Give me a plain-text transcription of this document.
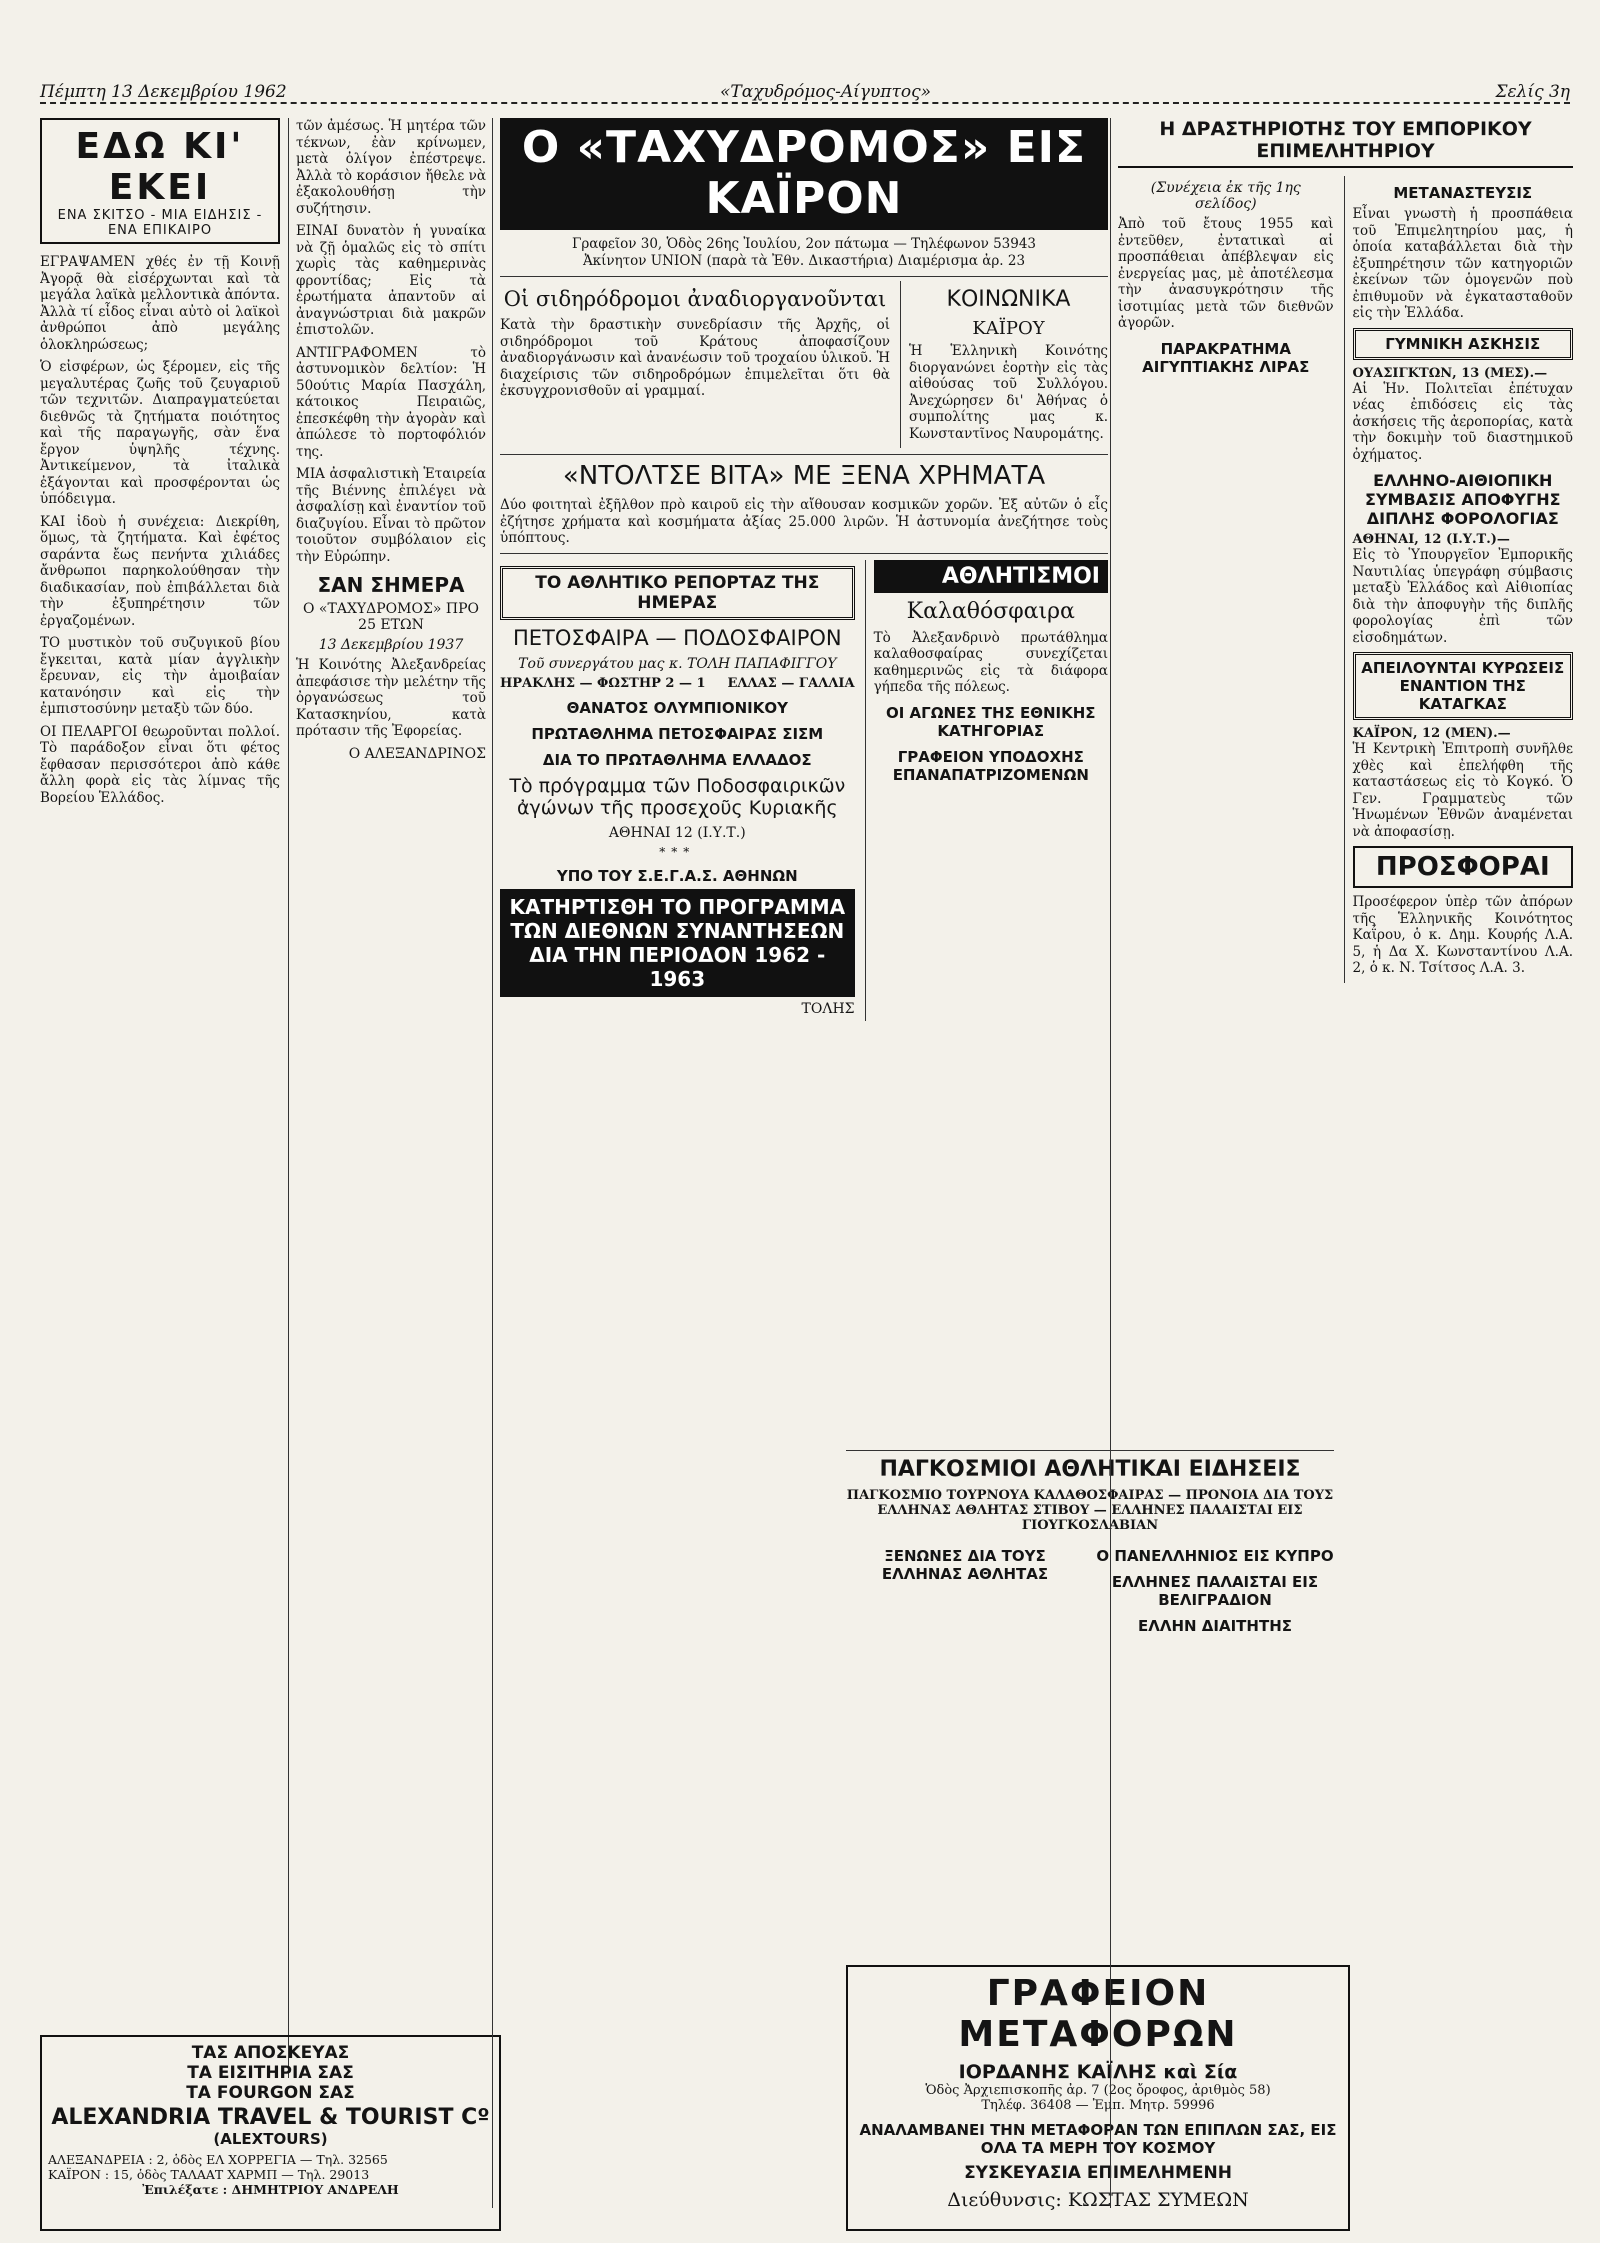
Πέμπτη 13 Δεκεμβρίου 1962	«Ταχυδρόμος-Αίγυπτος»	Σελίς 3η
ΕΔΩ ΚΙ' ΕΚΕΙ
ΕΝΑ ΣΚΙΤΣΟ - ΜΙΑ ΕΙΔΗΣΙΣ - ΕΝΑ ΕΠΙΚΑΙΡΟ

ΕΓΡΑΨΑΜΕΝ χθές ἐν τῇ Κοινῇ Ἀγορᾷ θὰ εἰσέρχωνται καὶ τὰ μεγάλα λαϊκὰ μελλοντικὰ ἀπόντα. Ἀλλὰ τί εἶδος εἶναι αὐτὸ οἱ λαϊκοὶ ἀνθρώποι ἀπὸ μεγάλης ὁλοκληρώσεως;

Ὁ εἰσφέρων, ὡς ξέρομεν, εἰς τῆς μεγαλυτέρας ζωῆς τοῦ ζευγαριοῦ τῶν τεχνιτῶν. Διαπραγματεύεται διεθνῶς τὰ ζητήματα ποιότητος καὶ τῆς παραγωγῆς, σὰν ἕνα ἔργον ὑψηλῆς τέχνης. Ἀντικείμενον, τὰ ἰταλικὰ ἐξάγονται καὶ προσφέρονται ὡς ὑπόδειγμα.

ΚΑΙ ἰδοὺ ἡ συνέχεια: Διεκρίθη, ὅμως, τὰ ζητήματα. Καὶ ἐφέτος σαράντα ἔως πενήντα χιλιάδες ἄνθρωποι παρηκολούθησαν τὴν διαδικασίαν, ποὺ ἐπιβάλλεται διὰ τὴν ἐξυπηρέτησιν τῶν ἐργαζομένων.

ΤΟ μυστικὸν τοῦ συζυγικοῦ βίου ἔγκειται, κατὰ μίαν ἀγγλικὴν ἔρευναν, εἰς τὴν ἀμοιβαίαν κατανόησιν καὶ εἰς τὴν ἐμπιστοσύνην μεταξὺ τῶν δύο.

ΟΙ ΠΕΛΑΡΓΟΙ θεωροῦνται πολλοί. Τὸ παράδοξον εἶναι ὅτι φέτος ἔφθασαν περισσότεροι ἀπὸ κάθε ἄλλη φορὰ εἰς τὰς λίμνας τῆς Βορείου Ἑλλάδος.

τῶν ἀμέσως. Ἡ μητέρα τῶν τέκνων, ἐὰν κρίνωμεν, μετὰ ὀλίγον ἐπέστρεψε. Ἀλλὰ τὸ κοράσιον ἤθελε νὰ ἐξακολουθήσῃ τὴν συζήτησιν.

ΕΙΝΑΙ δυνατὸν ἡ γυναίκα νὰ ζῇ ὁμαλῶς εἰς τὸ σπίτι χωρὶς τὰς καθημερινὰς φροντίδας; Εἰς τὰ ἐρωτήματα ἀπαντοῦν αἱ ἀναγνώστριαι διὰ μακρῶν ἐπιστολῶν.

ΑΝΤΙΓΡΑΦΟΜΕΝ τὸ ἀστυνομικὸν δελτίον: Ἡ 50ούτις Μαρία Πασχάλη, κάτοικος Πειραιῶς, ἐπεσκέφθη τὴν ἀγορὰν καὶ ἀπώλεσε τὸ πορτοφόλιόν της.

ΜΙΑ ἀσφαλιστικὴ Ἑταιρεία τῆς Βιέννης ἐπιλέγει νὰ ἀσφαλίσῃ καὶ ἐναντίον τοῦ διαζυγίου. Εἶναι τὸ πρῶτον τοιοῦτον συμβόλαιον εἰς τὴν Εὐρώπην.

ΣΑΝ ΣΗΜΕΡΑ
Ο «ΤΑΧΥΔΡΟΜΟΣ» ΠΡΟ 25 ΕΤΩΝ
13 Δεκεμβρίου 1937

Ἡ Κοινότης Ἀλεξανδρείας ἀπεφάσισε τὴν μελέτην τῆς ὀργανώσεως τοῦ Κατασκηνίου, κατὰ πρότασιν τῆς Ἐφορείας.

Ο ΑΛΕΞΑΝΔΡΙΝΟΣ
ΤΑΣ ΑΠΟΣΚΕΥΑΣ
ΤΑ ΕΙΣΙΤΗΡΙΑ ΣΑΣ
ΤΑ FOURGON ΣΑΣ
ALEXANDRIA TRAVEL & TOURIST Cº
(ALEXTOURS)
ΑΛΕΞΑΝΔΡΕΙΑ : 2, ὁδὸς ΕΛ ΧΟΡΡΕΓΙΑ — Τηλ. 32565
ΚΑΪΡΟΝ : 15, ὁδὸς ΤΑΛΑΑΤ ΧΑΡΜΠ — Τηλ. 29013
Ἐπιλέξατε : ΔΗΜΗΤΡΙΟΥ ΑΝΔΡΕΛΗ
Ο «ΤΑΧΥΔΡΟΜΟΣ» ΕΙΣ ΚΑΪΡΟΝ
Γραφεῖον 30, Ὁδὸς 26ης Ἰουλίου, 2ον πάτωμα — Τηλέφωνον 53943
Ἀκίνητον UNION (παρὰ τὰ Ἐθν. Δικαστήρια) Διαμέρισμα ἀρ. 23
Οἱ σιδηρόδρομοι ἀναδιοργανοῦνται

Κατὰ τὴν δραστικὴν συνεδρίασιν τῆς Ἀρχῆς, οἱ σιδηρόδρομοι τοῦ Κράτους ἀποφασίζουν ἀναδιοργάνωσιν καὶ ἀνανέωσιν τοῦ τροχαίου ὑλικοῦ. Ἡ διαχείρισις τῶν σιδηροδρόμων ἐπιμελεῖται ὅτι θὰ ἐκσυγχρονισθοῦν αἱ γραμμαί.

ΚΟΙΝΩΝΙΚΑ
ΚΑΪΡΟΥ

Ἡ Ἑλληνικὴ Κοινότης διοργανώνει ἑορτὴν εἰς τὰς αἰθούσας τοῦ Συλλόγου. Ἀνεχώρησεν δι' Ἀθήνας ὁ συμπολίτης μας κ. Κωνσταντῖνος Ναυρομάτης.

«ΝΤΟΛΤΣΕ ΒΙΤΑ» ΜΕ ΞΕΝΑ ΧΡΗΜΑΤΑ

Δύο φοιτηταὶ ἐξῆλθον πρὸ καιροῦ εἰς τὴν αἴθουσαν κοσμικῶν χορῶν. Ἐξ αὐτῶν ὁ εἷς ἐζήτησε χρήματα καὶ κοσμήματα ἀξίας 25.000 λιρῶν. Ἡ ἀστυνομία ἀνεζήτησε τοὺς ὑπόπτους.

ΤΟ ΑΘΛΗΤΙΚΟ ΡΕΠΟΡΤΑΖ ΤΗΣ ΗΜΕΡΑΣ
ΠΕΤΟΣΦΑΙΡΑ — ΠΟΔΟΣΦΑΙΡΟΝ
Τοῦ συνεργάτου μας κ. ΤΟΛΗ ΠΑΠΑΦΙΓΓΟΥ
ΗΡΑΚΛΗΣ — ΦΩΣΤΗΡ 2 — 1 ΕΛΛΑΣ — ΓΑΛΛΙΑ
ΘΑΝΑΤΟΣ ΟΛΥΜΠΙΟΝΙΚΟΥ
ΠΡΩΤΑΘΛΗΜΑ ΠΕΤΟΣΦΑΙΡΑΣ ΣΙΣΜ
ΔΙΑ ΤΟ ΠΡΩΤΑΘΛΗΜΑ ΕΛΛΑΔΟΣ
Τὸ πρόγραμμα τῶν Ποδοσφαιρικῶν ἀγώνων τῆς προσεχοῦς Κυριακῆς
ΑΘΗΝΑΙ 12 (Ι.Υ.Τ.)
***
ΥΠΟ ΤΟΥ Σ.Ε.Γ.Α.Σ. ΑΘΗΝΩΝ
ΚΑΤΗΡΤΙΣΘΗ ΤΟ ΠΡΟΓΡΑΜΜΑ ΤΩΝ ΔΙΕΘΝΩΝ ΣΥΝΑΝΤΗΣΕΩΝ ΔΙΑ ΤΗΝ ΠΕΡΙΟΔΟΝ 1962 - 1963
ΤΟΛΗΣ
ΑΘΛΗΤΙΣΜΟΙ
Καλαθόσφαιρα

Τὸ Ἀλεξανδρινὸ πρωτάθλημα καλαθοσφαίρας συνεχίζεται καθημερινῶς εἰς τὰ διάφορα γήπεδα τῆς πόλεως.

ΟΙ ΑΓΩΝΕΣ ΤΗΣ ΕΘΝΙΚΗΣ ΚΑΤΗΓΟΡΙΑΣ
ΓΡΑΦΕΙΟΝ ΥΠΟΔΟΧΗΣ ΕΠΑΝΑΠΑΤΡΙΖΟΜΕΝΩΝ
ΠΑΓΚΟΣΜΙΟΙ ΑΘΛΗΤΙΚΑΙ ΕΙΔΗΣΕΙΣ
ΠΑΓΚΟΣΜΙΟ ΤΟΥΡΝΟΥΑ ΚΑΛΑΘΟΣΦΑΙΡΑΣ — ΠΡΟΝΟΙΑ ΔΙΑ ΤΟΥΣ ΕΛΛΗΝΑΣ ΑΘΛΗΤΑΣ ΣΤΙΒΟΥ — ΕΛΛΗΝΕΣ ΠΑΛΑΙΣΤΑΙ ΕΙΣ ΓΙΟΥΓΚΟΣΛΑΒΙΑΝ
ΞΕΝΩΝΕΣ ΔΙΑ ΤΟΥΣ ΕΛΛΗΝΑΣ ΑΘΛΗΤΑΣ
Ο ΠΑΝΕΛΛΗΝΙΟΣ ΕΙΣ ΚΥΠΡΟ
ΕΛΛΗΝΕΣ ΠΑΛΑΙΣΤΑΙ ΕΙΣ ΒΕΛΙΓΡΑΔΙΟΝ
ΕΛΛΗΝ ΔΙΑΙΤΗΤΗΣ
ΓΡΑΦΕΙΟΝ ΜΕΤΑΦΟΡΩΝ
ΙΟΡΔΑΝΗΣ ΚΑΪΛΗΣ καὶ Σία
Ὁδὸς Ἀρχιεπισκοπῆς ἀρ. 7 (2ος ὄροφος, ἀριθμὸς 58)
Τηλέφ. 36408 — Ἐμπ. Μητρ. 59996
ΑΝΑΛΑΜΒΑΝΕΙ ΤΗΝ ΜΕΤΑΦΟΡΑΝ ΤΩΝ ΕΠΙΠΛΩΝ ΣΑΣ, ΕΙΣ ΟΛΑ ΤΑ ΜΕΡΗ ΤΟΥ ΚΟΣΜΟΥ
ΣΥΣΚΕΥΑΣΙΑ ΕΠΙΜΕΛΗΜΕΝΗ
Διεύθυνσις: ΚΩΣΤΑΣ ΣΥΜΕΩΝ
Η ΔΡΑΣΤΗΡΙΟΤΗΣ ΤΟΥ ΕΜΠΟΡΙΚΟΥ ΕΠΙΜΕΛΗΤΗΡΙΟΥ
(Συνέχεια ἐκ τῆς 1ης σελίδος)

Ἀπὸ τοῦ ἔτους 1955 καὶ ἐντεῦθεν, ἐντατικαὶ αἱ προσπάθειαι ἀπέβλεψαν εἰς ἐνεργείας μας, μὲ ἀποτέλεσμα τὴν ἀνασυγκρότησιν τῆς ἰσοτιμίας μετὰ τῶν διεθνῶν ἀγορῶν.

ΠΑΡΑΚΡΑΤΗΜΑ ΑΙΓΥΠΤΙΑΚΗΣ ΛΙΡΑΣ
ΜΕΤΑΝΑΣΤΕΥΣΙΣ

Εἶναι γνωστὴ ἡ προσπάθεια τοῦ Ἐπιμελητηρίου μας, ἡ ὁποία καταβάλλεται διὰ τὴν ἐξυπηρέτησιν τῶν κατηγοριῶν ἐκείνων τῶν ὁμογενῶν ποὺ ἐπιθυμοῦν νὰ ἐγκατασταθοῦν εἰς τὴν Ἑλλάδα.

ΓΥΜΝΙΚΗ ΑΣΚΗΣΙΣ
ΟΥΑΣΙΓΚΤΩΝ, 13 (ΜΕΣ).—

Αἱ Ἡν. Πολιτεῖαι ἐπέτυχαν νέας ἐπιδόσεις εἰς τὰς ἀσκήσεις τῆς ἀεροπορίας, κατὰ τὴν δοκιμὴν τοῦ διαστημικοῦ ὀχήματος.

ΕΛΛΗΝΟ-ΑΙΘΙΟΠΙΚΗ ΣΥΜΒΑΣΙΣ ΑΠΟΦΥΓΗΣ ΔΙΠΛΗΣ ΦΟΡΟΛΟΓΙΑΣ
ΑΘΗΝΑΙ, 12 (Ι.Υ.Τ.)—

Εἰς τὸ Ὑπουργεῖον Ἐμπορικῆς Ναυτιλίας ὑπεγράφη σύμβασις μεταξὺ Ἑλλάδος καὶ Αἰθιοπίας διὰ τὴν ἀποφυγὴν τῆς διπλῆς φορολογίας ἐπὶ τῶν εἰσοδημάτων.

ΑΠΕΙΛΟΥΝΤΑΙ ΚΥΡΩΣΕΙΣ ΕΝΑΝΤΙΟΝ ΤΗΣ ΚΑΤΑΓΚΑΣ
ΚΑΪΡΟΝ, 12 (ΜΕΝ).—

Ἡ Κεντρικὴ Ἐπιτροπὴ συνῆλθε χθὲς καὶ ἐπελήφθη τῆς καταστάσεως εἰς τὸ Κογκό. Ὁ Γεν. Γραμματεὺς τῶν Ἡνωμένων Ἐθνῶν ἀναμένεται νὰ ἀποφασίσῃ.

ΠΡΟΣΦΟΡΑΙ

Προσέφερον ὑπὲρ τῶν ἀπόρων τῆς Ἑλληνικῆς Κοινότητος Καΐρου, ὁ κ. Δημ. Κουρής Λ.Α. 5, ἡ Δα Χ. Κωνσταντίνου Λ.Α. 2, ὁ κ. Ν. Τσίτσος Λ.Α. 3.
